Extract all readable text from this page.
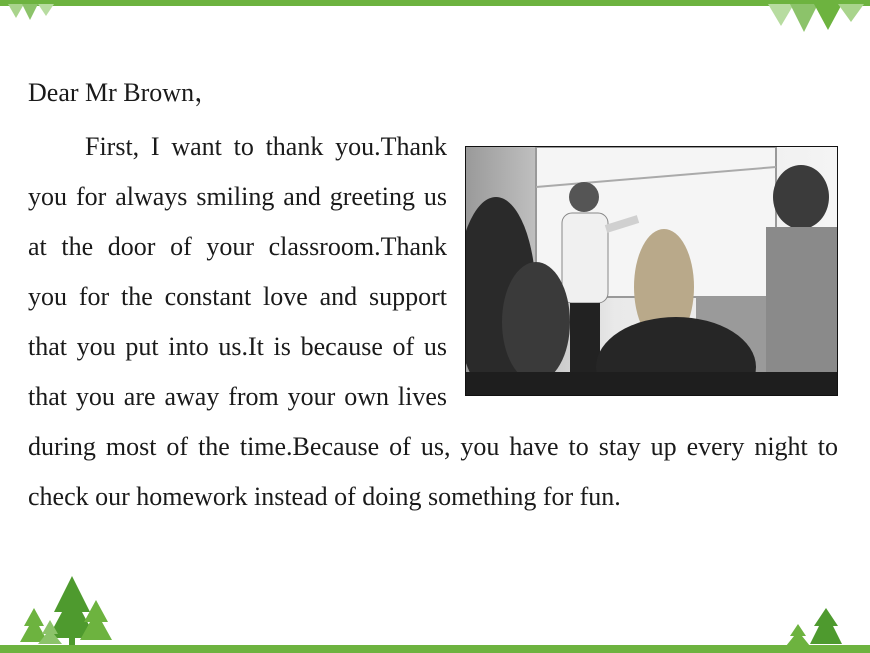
Dear Mr Brown，

First, I want to thank you.Thank you for always smiling and greeting us at the door of your classroom.Thank you for the constant love and support that you put into us.It is because of us that you are away from your own lives during most of the time.Because of us, you have to stay up every night to check our homework instead of doing something for fun.
